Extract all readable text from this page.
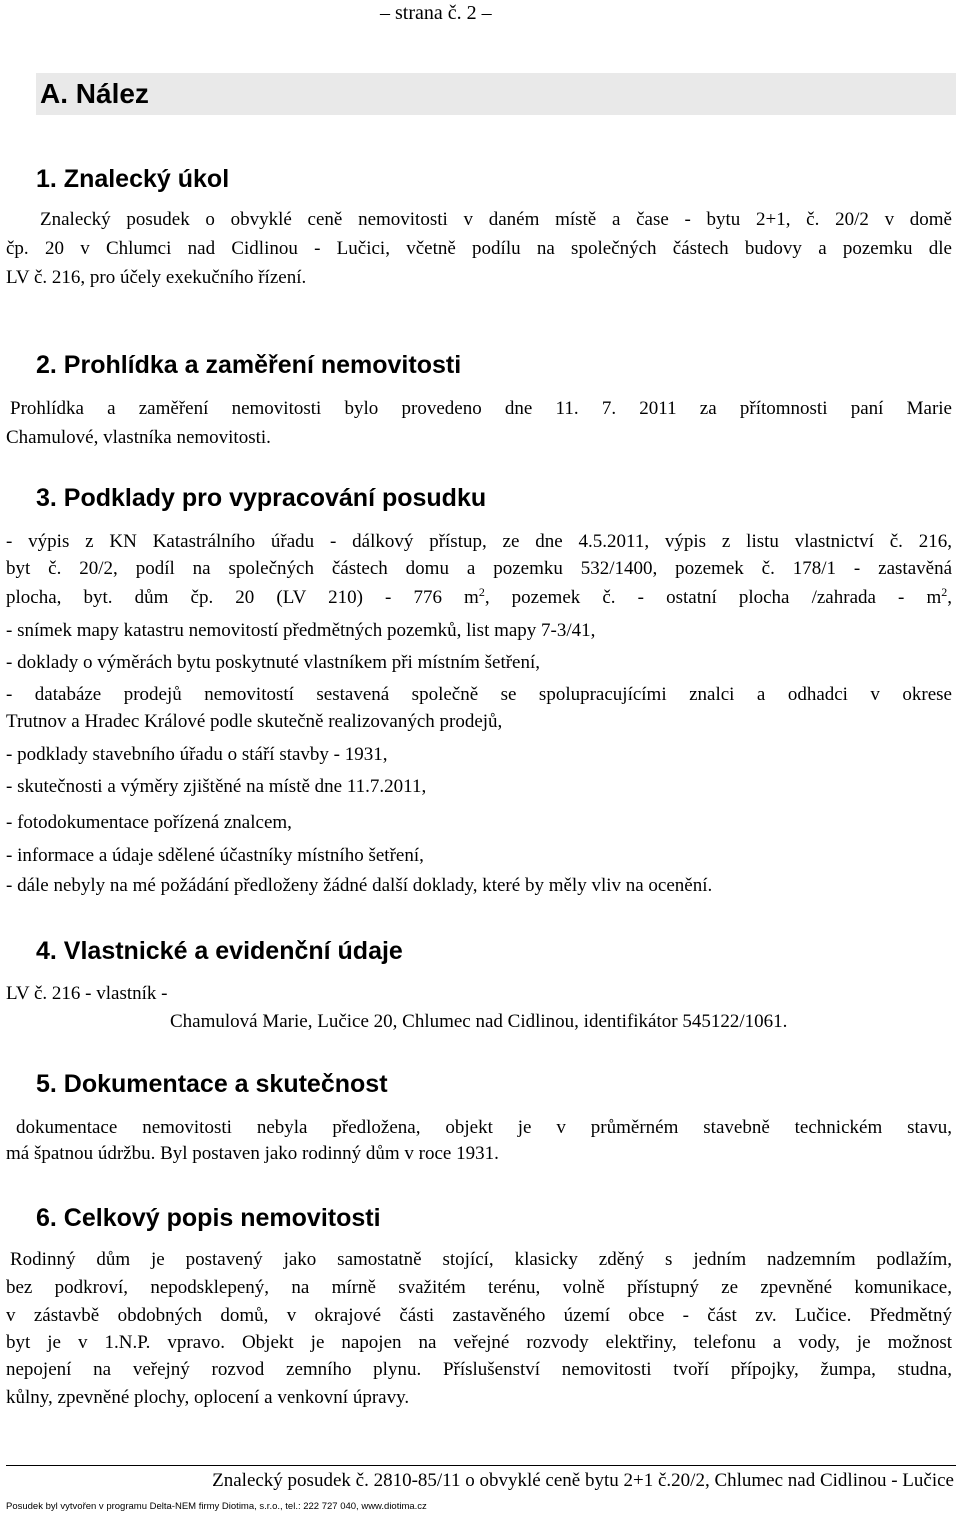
– strana č. 2 –
A. Nález
1. Znalecký úkol
Znalecký posudek o obvyklé ceně nemovitosti v daném místě a čase - bytu 2+1, č. 20/2 v domě
čp. 20 v Chlumci nad Cidlinou - Lučici, včetně podílu na společných částech budovy a pozemku dle
LV č. 216, pro účely exekučního řízení.
2. Prohlídka a zaměření nemovitosti
Prohlídka a zaměření nemovitosti bylo provedeno dne 11. 7. 2011 za přítomnosti paní Marie
Chamulové, vlastníka nemovitosti.
3. Podklady pro vypracování posudku
- výpis z KN Katastrálního úřadu - dálkový přístup, ze dne 4.5.2011, výpis z listu vlastnictví č. 216,
byt č. 20/2, podíl na společných částech domu a pozemku 532/1400, pozemek č. 178/1 - zastavěná
plocha, byt. dům čp. 20 (LV 210) - 776 $m^2$, pozemek č. - ostatní plocha /zahrada - $m^2$,
- snímek mapy katastru nemovitostí předmětných pozemků, list mapy 7-3/41,
- doklady o výměrách bytu poskytnuté vlastníkem při místním šetření,
- databáze prodejů nemovitostí sestavená společně se spolupracujícími znalci a odhadci v okrese
Trutnov a Hradec Králové podle skutečně realizovaných prodejů,
- podklady stavebního úřadu o stáří stavby - 1931,
- skutečnosti a výměry zjištěné na místě dne 11.7.2011,
- fotodokumentace pořízená znalcem,
- informace a údaje sdělené účastníky místního šetření,
- dále nebyly na mé požádání předloženy žádné další doklady, které by měly vliv na ocenění.
4. Vlastnické a evidenční údaje
LV č. 216 - vlastník -
Chamulová Marie, Lučice 20, Chlumec nad Cidlinou, identifikátor 545122/1061.
5. Dokumentace a skutečnost
dokumentace nemovitosti nebyla předložena, objekt je v průměrném stavebně technickém stavu,
má špatnou údržbu. Byl postaven jako rodinný dům v roce 1931.
6. Celkový popis nemovitosti
Rodinný dům je postavený jako samostatně stojící, klasicky zděný s jedním nadzemním podlažím,
bez podkroví, nepodsklepený, na mírně svažitém terénu, volně přístupný ze zpevněné komunikace,
v zástavbě obdobných domů, v okrajové části zastavěného území obce - část zv. Lučice. Předmětný
byt je v 1.N.P. vpravo. Objekt je napojen na veřejné rozvody elektřiny, telefonu a vody, je možnost
nepojení na veřejný rozvod zemního plynu. Příslušenství nemovitosti tvoří přípojky, žumpa, studna,
kůlny, zpevněné plochy, oplocení a venkovní úpravy.
Znalecký posudek č. 2810-85/11 o obvyklé ceně bytu 2+1 č.20/2, Chlumec nad Cidlinou - Lučice
Posudek byl vytvořen v programu Delta-NEM firmy Diotima, s.r.o., tel.: 222 727 040, www.diotima.cz
